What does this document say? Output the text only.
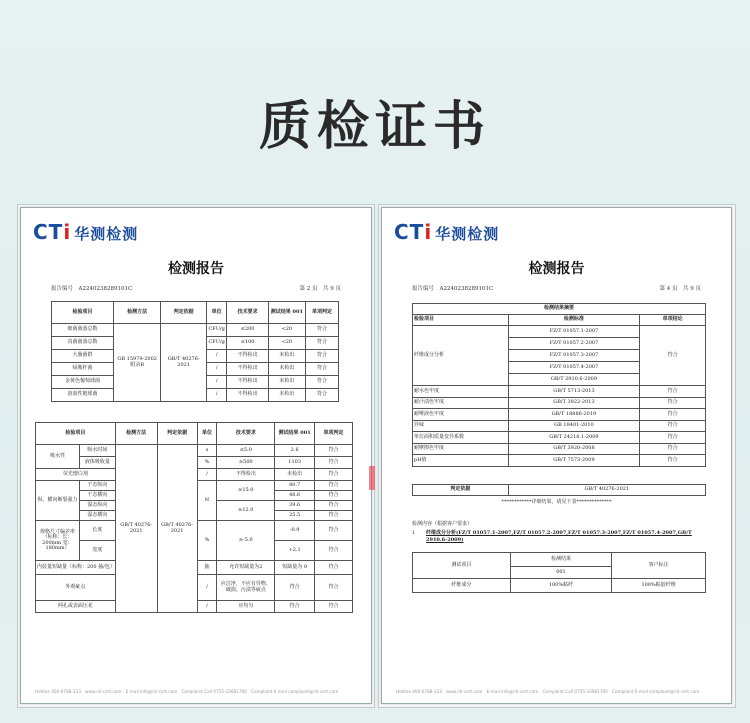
质检证书
CTi 华测检测
检测报告
报告编号　A2240238289101C	第 2 页　共 9 页
检验项目	检测方法	判定依据	单位	技术要求	测试结果 001	单项判定
细菌菌落总数	GB 15979-2002 附录B	GB/T 40276-2021	CFU/g	≤200	<20	符合
真菌菌落总数			CFU/g	≤100	<20	符合
大肠菌群			/	不得检出	未检出	符合
绿脓杆菌			/	不得检出	未检出	符合
金黄色葡萄球菌			/	不得检出	未检出	符合
溶血性链球菌			/	不得检出	未检出	符合
检验项目		检测方法	判定依据	单位	技术要求	测试结果 001	单项判定
吸水性	吸水时间	GB/T 40276-2021	GB/T 40276-2021	s	≤5.0	2.6	符合
	液体吸收量			%	≥500	1103	符合
荧光增白剂				/	不得检出	未检出	符合
纵、横向断裂强力	干态纵向			N	≥15.0	80.7	符合
	干态横向					48.6	符合
	湿态纵向				≥12.0	39.6	符合
	湿态横向					25.5	符合
规格尺寸偏差率（标称：长：200mm 宽：180mm）	长度			%	≥-5.0	-0.9	符合
	宽度					+2.1	符合
内装量短缺量（标称：200 抽/包）				抽	允许短缺量为2	短缺量为 0	符合
外观疵点				/	应洁净，不应有异物、破损、污渍等疵点	符合	符合
网孔或表面压花				/	应均匀	符合	符合
Hotline 400-6788-333　www.cti-cert.com　E-mail info@cti-cert.com　Complaint Call 0755-33681700　Complaint E-mail complaint@cti-cert.com
CTi 华测检测
检测报告
报告编号　A2240238289101C	第 4 页　共 9 页
检测结果摘要		
检验项目	检测标准	单项结论
纤维成分分析	FZ/T 01057.1-2007	符合
	FZ/T 01057.2-2007	
	FZ/T 01057.3-2007	
	FZ/T 01057.4-2007	
	GB/T 2910.6-2009	
耐水色牢度	GB/T 5713-2013	符合
耐汗渍色牢度	GB/T 3922-2013	符合
耐唾液色牢度	GB/T 18886-2019	符合
异味	GB 18401-2010	符合
单位面积质量变异系数	GB/T 24218.1-2009	符合
耐摩擦色牢度	GB/T 3920-2008	符合
pH值	GB/T 7573-2009	符合
判定依据	GB/T 40276-2021
************详细结果，请见下表**************
检测内容（根据客户要求）
1 纤维成分分析(FZ/T 01057.1-2007,FZ/T 01057.2-2007,FZ/T 01057.3-2007,FZ/T 01057.4-2007,GB/T 2910.6-2009)
测试项目	检测结果	客户标注
	001	
纤维成分	100%粘纤	100%粘胶纤维
Hotline 400-6788-333　www.cti-cert.com　E-mail info@cti-cert.com　Complaint Call 0755-33681700　Complaint E-mail complaint@cti-cert.com
